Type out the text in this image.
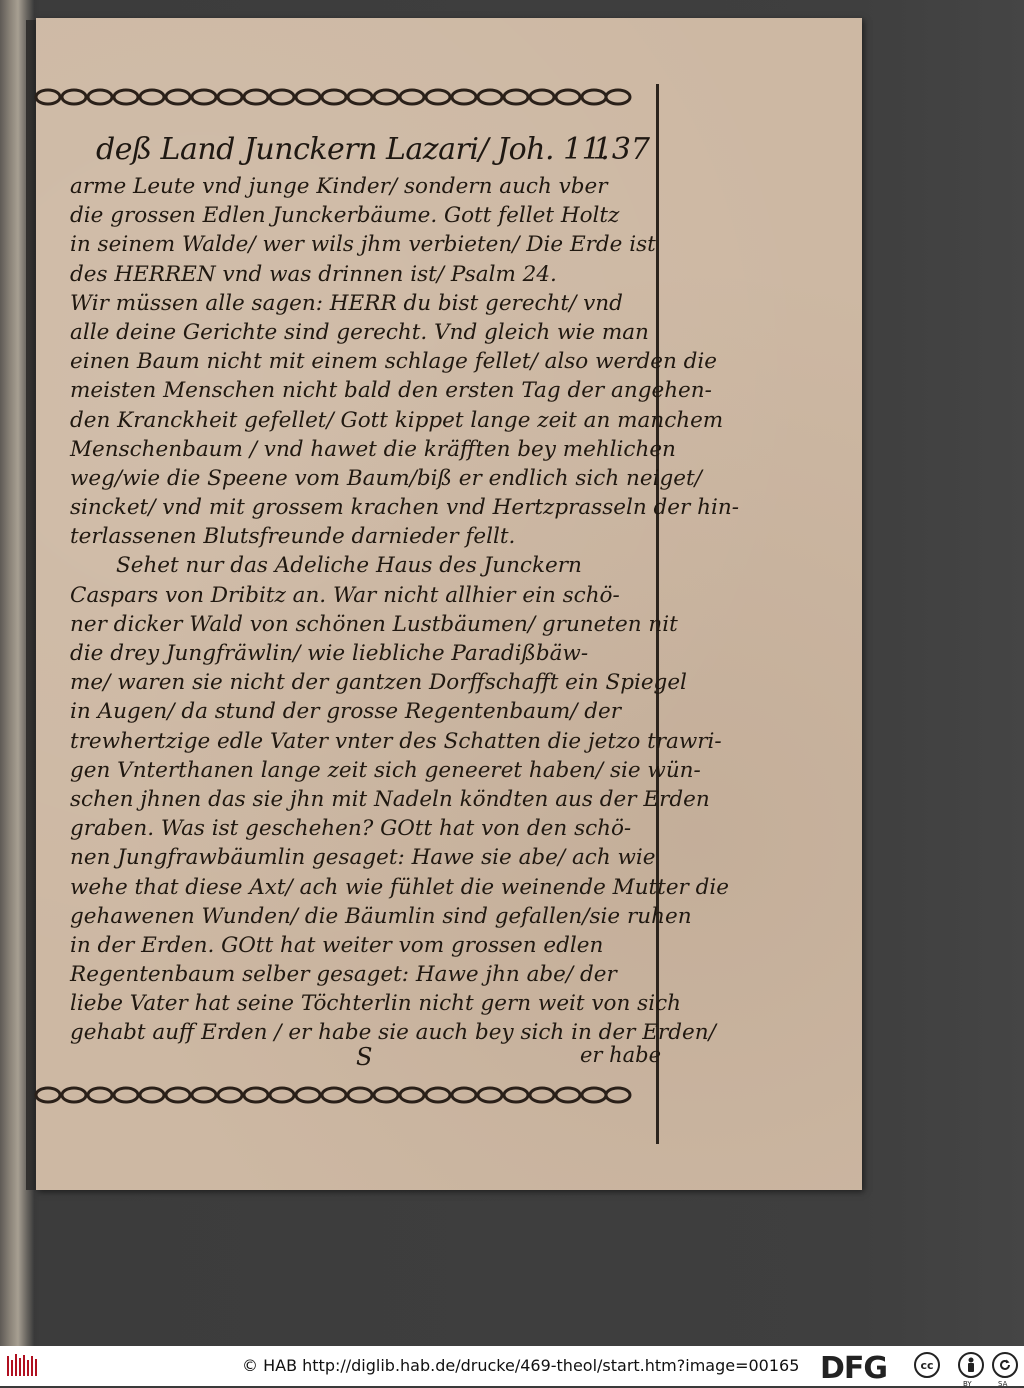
deß Land Junckern Lazari/ Joh. 11.
137
arme Leute vnd junge Kinder/ sondern auch vber
die grossen Edlen Junckerbäume. Gott fellet Holtz
in seinem Walde/ wer wils jhm verbieten/ Die Erde ist
des HERREN vnd was drinnen ist/ Psalm 24.
Wir müssen alle sagen: HERR du bist gerecht/ vnd
alle deine Gerichte sind gerecht. Vnd gleich wie man
einen Baum nicht mit einem schlage fellet/ also werden die
meisten Menschen nicht bald den ersten Tag der angehen-
den Kranckheit gefellet/ Gott kippet lange zeit an manchem
Menschenbaum / vnd hawet die kräfften bey mehlichen
weg/wie die Speene vom Baum/biß er endlich sich neiget/
sincket/ vnd mit grossem krachen vnd Hertzprasseln der hin-
terlassenen Blutsfreunde darnieder fellt.
Sehet nur das Adeliche Haus des Junckern
Caspars von Dribitz an. War nicht allhier ein schö-
ner dicker Wald von schönen Lustbäumen/ gruneten nit
die drey Jungfräwlin/ wie liebliche Paradißbäw-
me/ waren sie nicht der gantzen Dorffschafft ein Spiegel
in Augen/ da stund der grosse Regentenbaum/ der
trewhertzige edle Vater vnter des Schatten die jetzo trawri-
gen Vnterthanen lange zeit sich geneeret haben/ sie wün-
schen jhnen das sie jhn mit Nadeln köndten aus der Erden
graben. Was ist geschehen? GOtt hat von den schö-
nen Jungfrawbäumlin gesaget: Hawe sie abe/ ach wie
wehe that diese Axt/ ach wie fühlet die weinende Mutter die
gehawenen Wunden/ die Bäumlin sind gefallen/sie ruhen
in der Erden. GOtt hat weiter vom grossen edlen
Regentenbaum selber gesaget: Hawe jhn abe/ der
liebe Vater hat seine Töchterlin nicht gern weit von sich
gehabt auff Erden / er habe sie auch bey sich in der Erden/
S	er habe
© HAB http://diglib.hab.de/drucke/469-theol/start.htm?image=00165 DFG	cc
BY	SA
